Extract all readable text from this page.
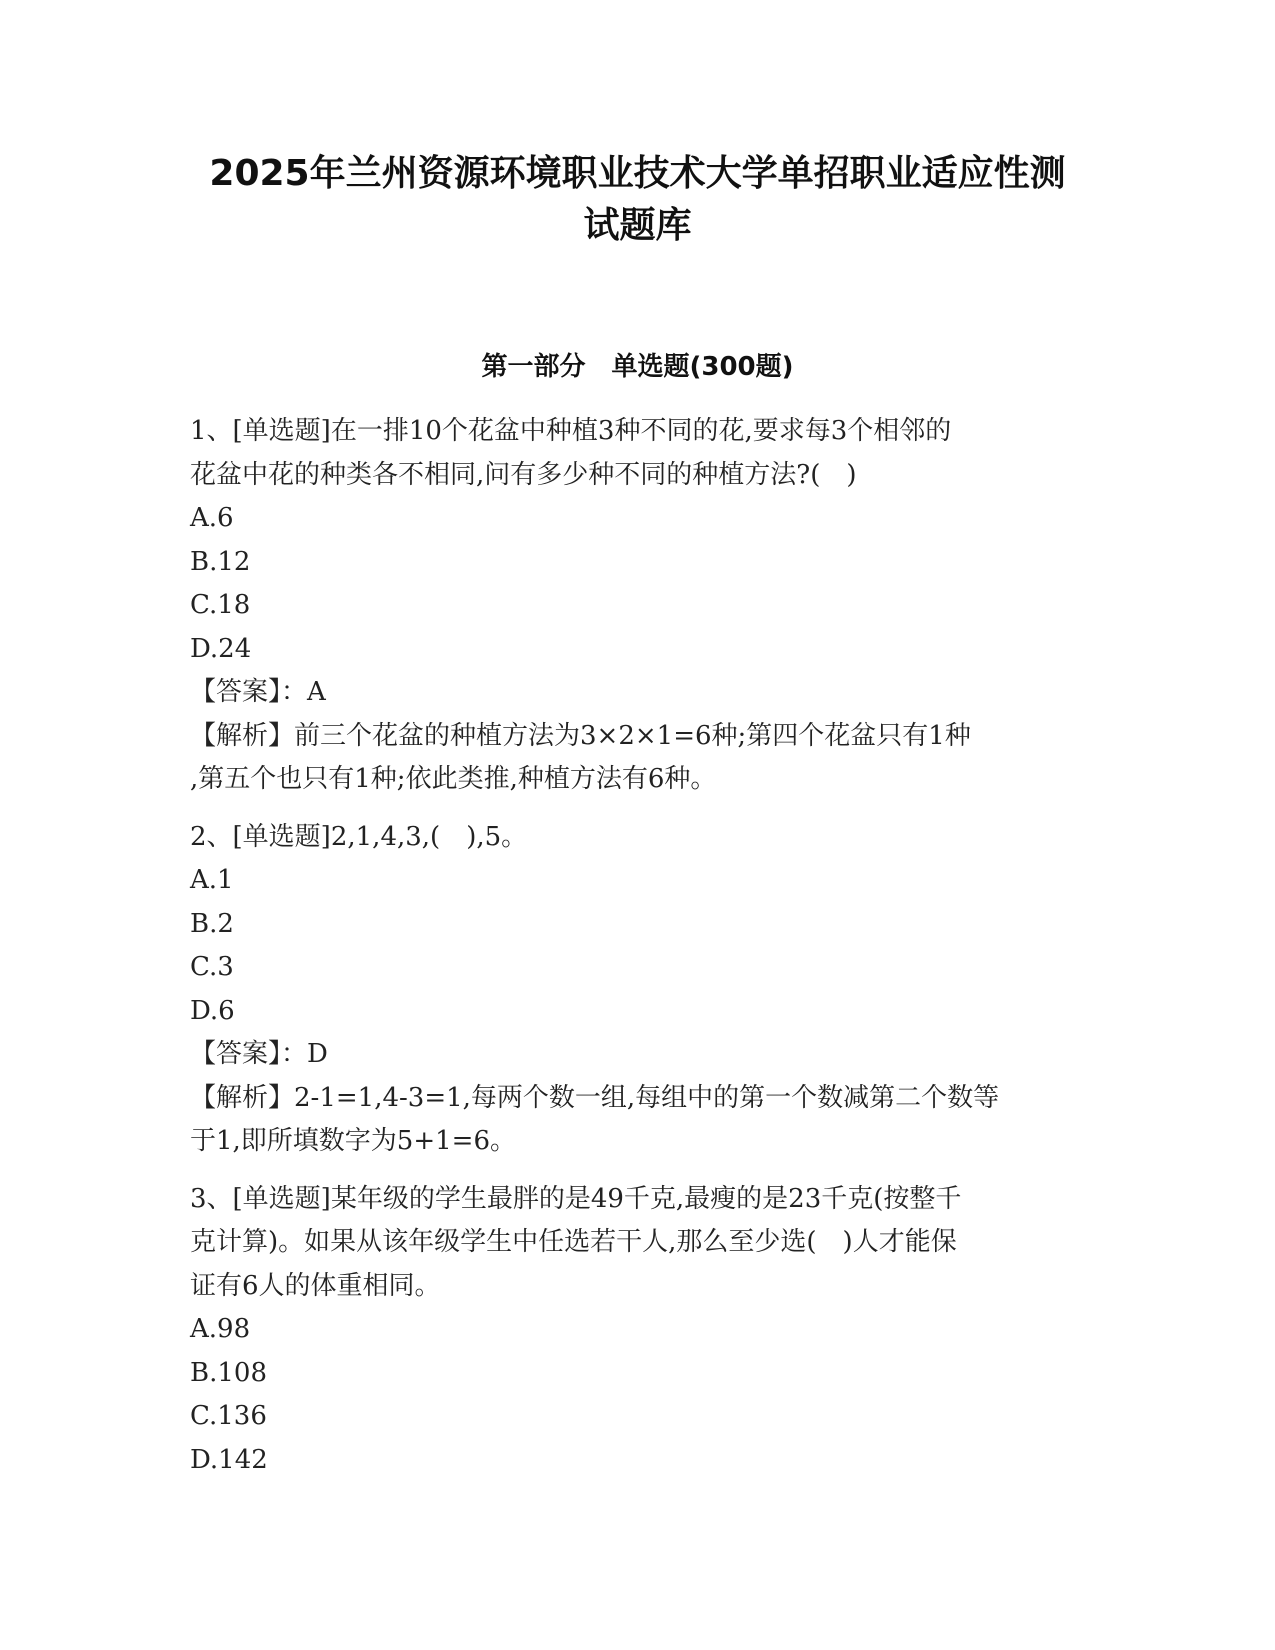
2025年兰州资源环境职业技术大学单招职业适应性测
试题库
第一部分　单选题(300题)
1、[单选题]在一排10个花盆中种植3种不同的花,要求每3个相邻的
花盆中花的种类各不相同,问有多少种不同的种植方法?(　)
A.6
B.12
C.18
D.24
【答案】：A
【解析】前三个花盆的种植方法为3×2×1=6种;第四个花盆只有1种
,第五个也只有1种;依此类推,种植方法有6种。
2、[单选题]2,1,4,3,(　),5。
A.1
B.2
C.3
D.6
【答案】：D
【解析】2-1=1,4-3=1,每两个数一组,每组中的第一个数减第二个数等
于1,即所填数字为5+1=6。
3、[单选题]某年级的学生最胖的是49千克,最瘦的是23千克(按整千
克计算)。如果从该年级学生中任选若干人,那么至少选(　)人才能保
证有6人的体重相同。
A.98
B.108
C.136
D.142
